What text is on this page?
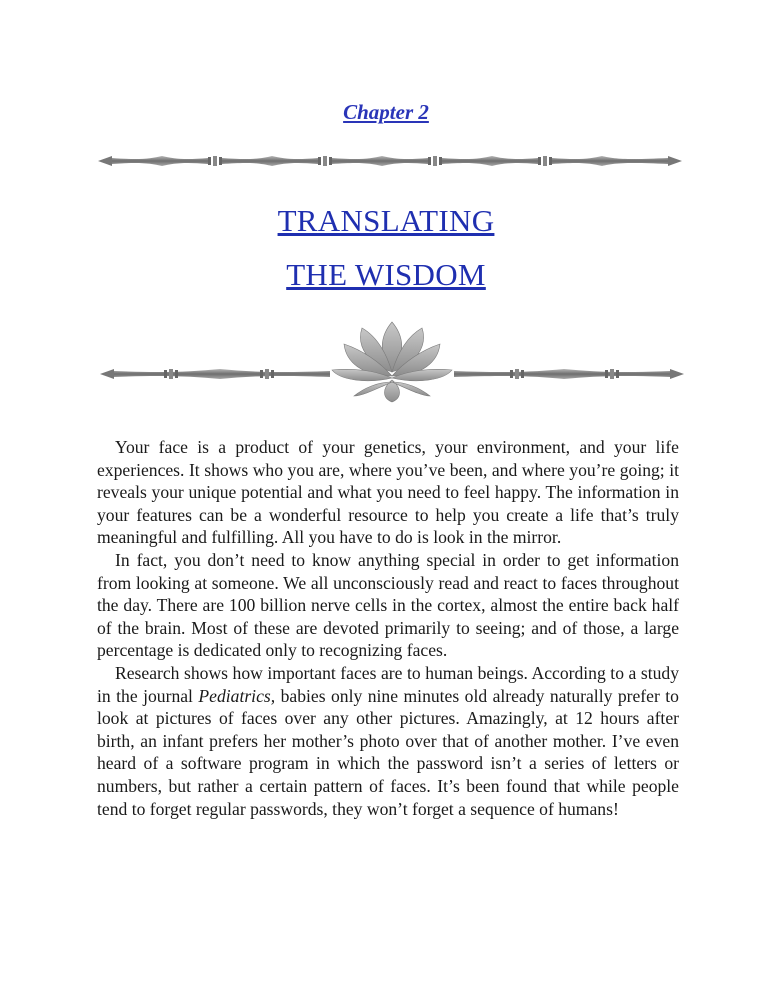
Chapter 2
TRANSLATING
THE WISDOM

Your face is a product of your genetics, your environment, and your life experiences. It shows who you are, where you’ve been, and where you’re going; it reveals your unique potential and what you need to feel happy. The information in your features can be a wonderful resource to help you create a life that’s truly meaningful and fulfilling. All you have to do is look in the mirror.

In fact, you don’t need to know anything special in order to get information from looking at someone. We all unconsciously read and react to faces throughout the day. There are 100 billion nerve cells in the cortex, almost the entire back half of the brain. Most of these are devoted primarily to seeing; and of those, a large percentage is dedicated only to recognizing faces.

Research shows how important faces are to human beings. According to a study in the journal Pediatrics, babies only nine minutes old already naturally prefer to look at pictures of faces over any other pictures. Amazingly, at 12 hours after birth, an infant prefers her mother’s photo over that of another mother. I’ve even heard of a software program in which the password isn’t a series of letters or numbers, but rather a certain pattern of faces. It’s been found that while people tend to forget regular passwords, they won’t forget a sequence of humans!
